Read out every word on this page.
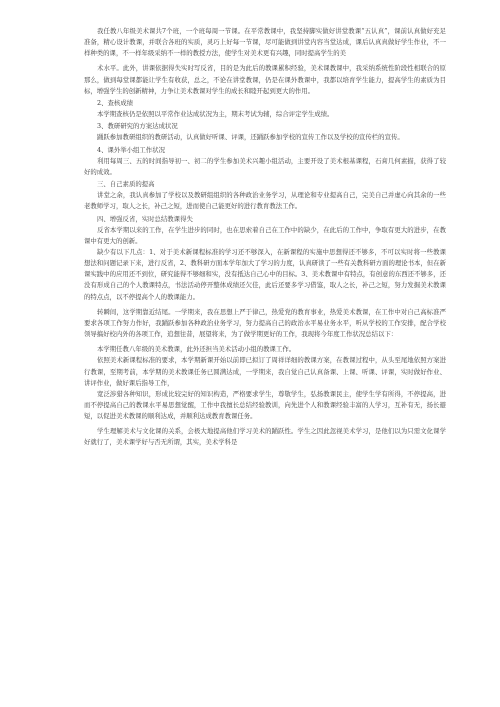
我任教八年级美术课共7个班，一个班每周一节课。在平常教课中，我坚持脚实做好讲堂教课“五认真”，课前认真做好充足准备，精心设计教课，并联合各班的实质，灵巧上好每一节课，尽可能做到讲堂内容当堂达成，课后认真真做好学生作业，不一样种类的课，不一样年级采纳不一样的教授方法，使学生对美术更有兴趣，同时提高学生的美

术水平。此外，讲课依据得失实时写反省，目的是为此后的教课累积经验，美术课教课中，我采纳系统性阶段性相联合的原那么，做到每堂课都能让学生有收获，总之，不论在讲堂教课，仍是在课外教课中，我都以培育学生能力，提高学生的素质为目标，增强学生的创新精神，力争让美术教课对学生的成长和睦开起到更大的作用。

2、查核成绩

本学期查核仍是依照以平常作业达成状况为主，期末考试为辅，综合评定学生成绩。

3、教研研究的方案达成状况

踊跃参加教研组织的教研活动，认真做好听课、评课，还踊跃参加学校的宣传工作以及学校的宣传栏的宣传。

4、课外举小组工作状况

利用每周三、五的时间指导初一、初二的学生参加美术兴趣小组活动，主要开设了美术根基课程，石膏几何素描，获得了较好的成效。

三、自己素质的提高

讲堂之余，我认真参加了学校以及教研组组织的各种政治业务学习，从理论和专业提高自己，完美自己并虚心向其余的一些老教师学习，取人之长，补己之短，进而使自己能更好的进行教育教法工作。

四、增强反省，实时总结教课得失

反省本学期以来的工作，在学生进步的同时，也在思索着自己在工作中的缺少，在此后的工作中，争取有更大的进步，在教课中有更大的创新。

缺少有以下几点：1、对于美术新课程标准的学习还不够深入，在新课程的实施中思想得还不够多，不可以实时将一些教课想法和问题记录下来，进行反省，2、教科研方面本学年加大了学习的力度，认真研读了一些有关教科研方面的理论书本，但在新课实践中的应用还不到位，研究能得不够细和实，没有抵达自己心中的目标。3、美术教课中有特点，有创意的东西还不够多，还没有形成自己的个人教课特点，书法活动停开整体成绩还欠佳，此后还要多学习借鉴，取人之长，补己之短，努力发掘美术教课的特点点，以不停提高个人的教课能力。

转瞬间，这学期靠近结尾。一学期来，我在思想上严于律己，热爱党的教育事业，热爱美术教课，在工作中对自己高标准严要求各项工作努力作好，我踊跃参加各种政治业务学习，努力提高自己的政治水平易业务水平，听从学校的工作安排，配合学校领导搞好校内外的各项工作，追想往昔，展望将来，为了做学期更好的工作，我现将今年度工作状况总结以下：

本学期任教八年级的美术教课，此外还担当美术活动小组的教课工作。

依照美术新课程标准的要求，本学期新课开始以前即已拟订了周祥详细的教课方案，在教课过程中，从头至尾地依照方案进行教课，至期考前，本学期的美术教课任务已圆满达成，一学期来，我自觉自己认真备课、上课、听课、评课，实时做好作业、讲评作业，做好课后指导工作，

宽泛涉猎各种知识，形成比较完好的知识构造，严格要求学生，尊敬学生，弘扬教课民主，使学生学有所得，不停提高，进而不停提高自己的教课水平易思想觉醒，工作中我擅长总结经验教训，向先进个人和教课经验丰富的人学习，互补有无，扬长避短，以促进美术教课的顺利达成，并顺利达成教育教课任务。

学生理解美术与文化课的关系，会极大地提高他们学习美术的踊跃性。学生之因此忽视美术学习，是他们以为只需文化课学好就行了，美术课学好与否无所谓，其实，美术学科是
